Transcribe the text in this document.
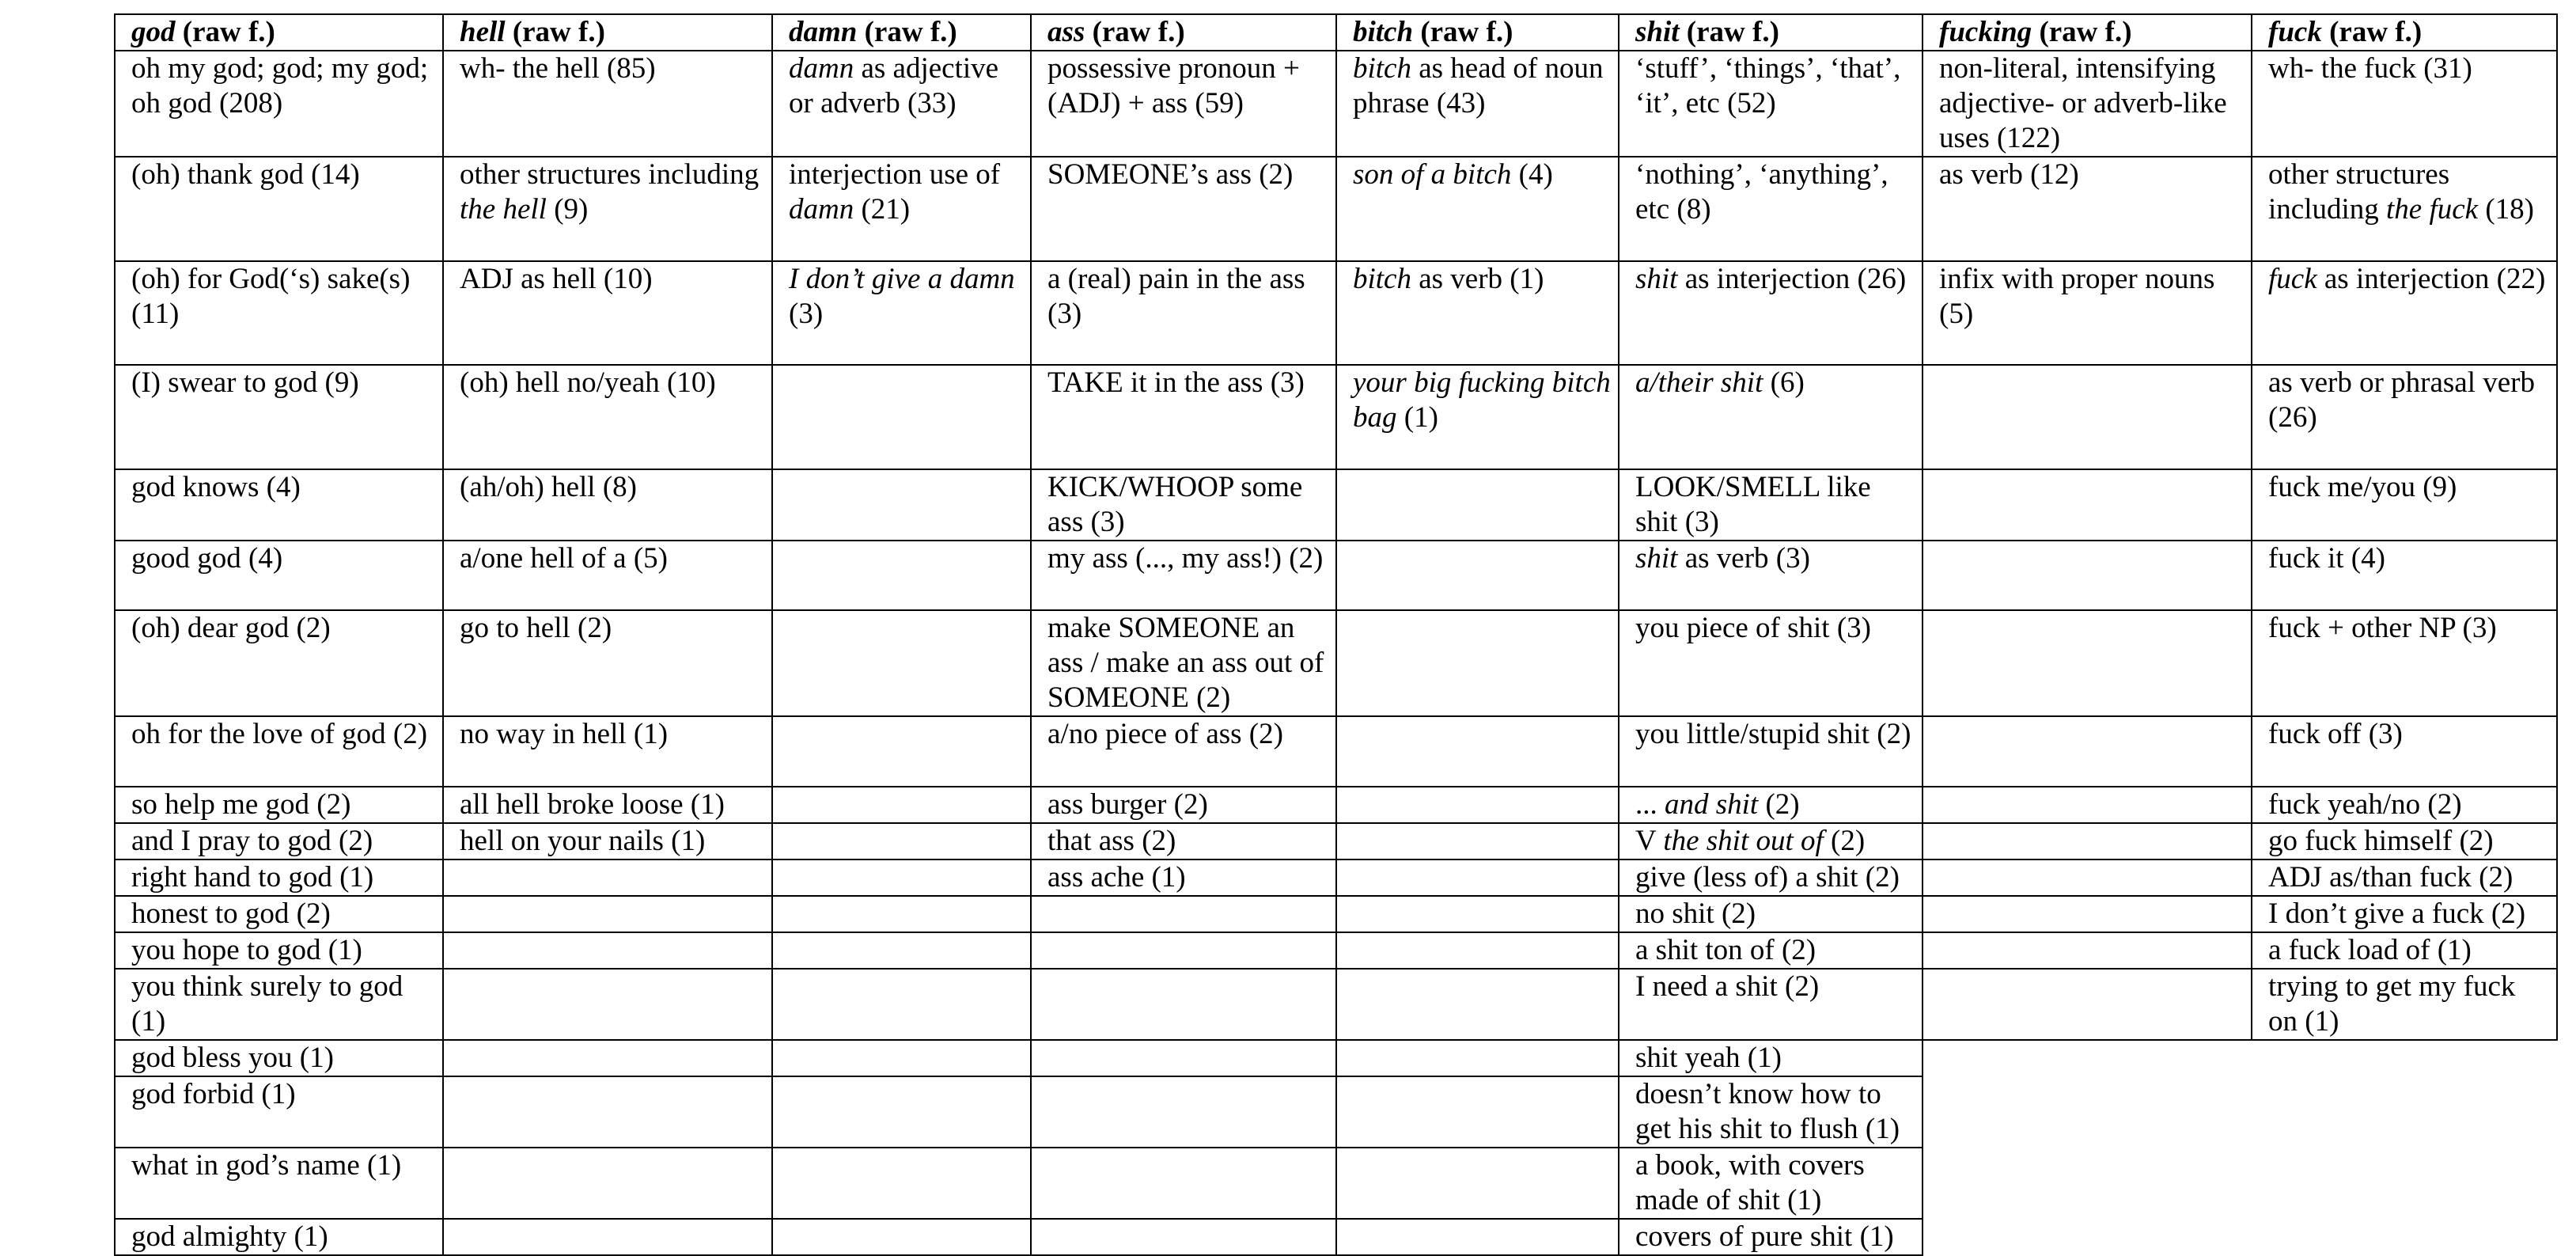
god (raw f.)	hell (raw f.)	damn (raw f.)	ass (raw f.)	bitch (raw f.)	shit (raw f.)	fucking (raw f.)	fuck (raw f.)
oh my god; god; my god; oh god (208)	wh- the hell (85)	damn as adjective or adverb (33)	possessive pronoun + (ADJ) + ass (59)	bitch as head of noun phrase (43)	‘stuff’, ‘things’, ‘that’, ‘it’, etc (52)	non-literal, intensifying adjective- or adverb-like uses (122)	wh- the fuck (31)
(oh) thank god (14)	other structures including the hell (9)	interjection use of damn (21)	SOMEONE’s ass (2)	son of a bitch (4)	‘nothing’, ‘anything’, etc (8)	as verb (12)	other structures including the fuck (18)
(oh) for God(‘s) sake(s) (11)	ADJ as hell (10)	I don’t give a damn (3)	a (real) pain in the ass (3)	bitch as verb (1)	shit as interjection (26)	infix with proper nouns (5)	fuck as interjection (22)
(I) swear to god (9)	(oh) hell no/yeah (10)		TAKE it in the ass (3)	your big fucking bitch bag (1)	a/their shit (6)		as verb or phrasal verb (26)
god knows (4)	(ah/oh) hell (8)		KICK/WHOOP some ass (3)		LOOK/SMELL like shit (3)		fuck me/you (9)
good god (4)	a/one hell of a (5)		my ass (..., my ass!) (2)		shit as verb (3)		fuck it (4)
(oh) dear god (2)	go to hell (2)		make SOMEONE an ass / make an ass out of SOMEONE (2)		you piece of shit (3)		fuck + other NP (3)
oh for the love of god (2)	no way in hell (1)		a/no piece of ass (2)		you little/stupid shit (2)		fuck off (3)
so help me god (2)	all hell broke loose (1)		ass burger (2)		... and shit (2)		fuck yeah/no (2)
and I pray to god (2)	hell on your nails (1)		that ass (2)		V the shit out of (2)		go fuck himself (2)
right hand to god (1)			ass ache (1)		give (less of) a shit (2)		ADJ as/than fuck (2)
honest to god (2)					no shit (2)		I don’t give a fuck (2)
you hope to god (1)					a shit ton of (2)		a fuck load of (1)
you think surely to god (1)					I need a shit (2)		trying to get my fuck on (1)
god bless you (1)					shit yeah (1)		
god forbid (1)					doesn’t know how to get his shit to flush (1)		
what in god’s name (1)					a book, with covers made of shit (1)		
god almighty (1)					covers of pure shit (1)		
